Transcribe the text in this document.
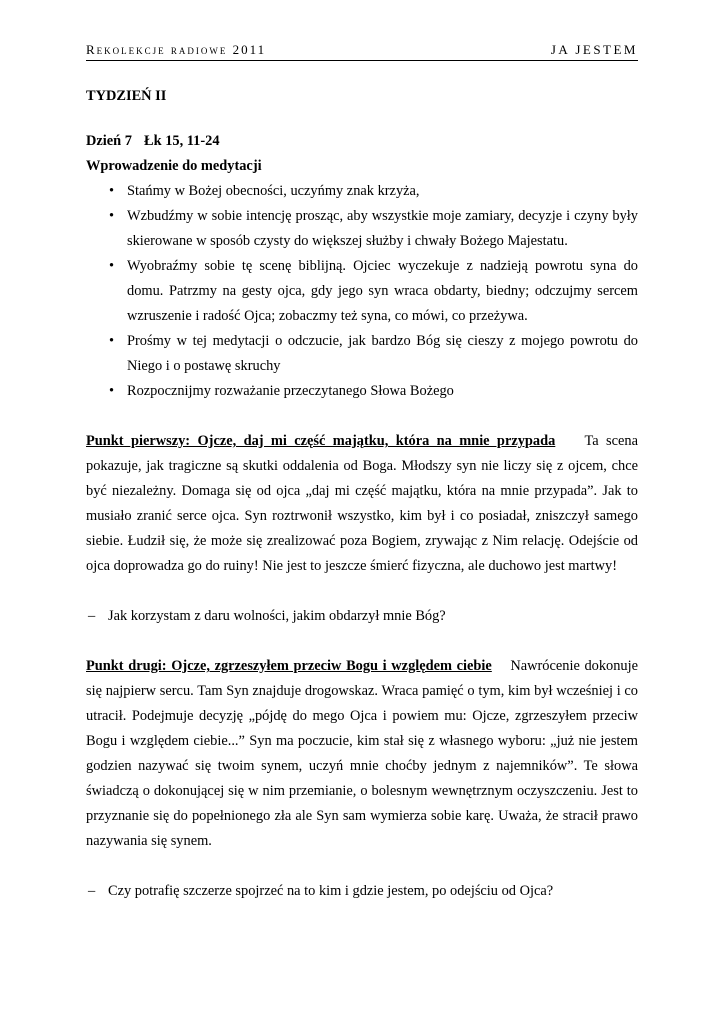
Rekolekcje radiowe 2011	JA JESTEM

TYDZIEŃ II

Dzień 7 Łk 15, 11-24

Wprowadzenie do medytacji

• Stańmy w Bożej obecności, uczyńmy znak krzyża,
• Wzbudźmy w sobie intencję prosząc, aby wszystkie moje zamiary, decyzje i czyny były skierowane w sposób czysty do większej służby i chwały Bożego Majestatu.
• Wyobraźmy sobie tę scenę biblijną. Ojciec wyczekuje z nadzieją powrotu syna do domu. Patrzmy na gesty ojca, gdy jego syn wraca obdarty, biedny; odczujmy sercem wzruszenie i radość Ojca; zobaczmy też syna, co mówi, co przeżywa.
• Prośmy w tej medytacji o odczucie, jak bardzo Bóg się cieszy z mojego powrotu do Niego i o postawę skruchy
• Rozpocznijmy rozważanie przeczytanego Słowa Bożego

Punkt pierwszy: Ojcze, daj mi część majątku, która na mnie przypada Ta scena pokazuje, jak tragiczne są skutki oddalenia od Boga. Młodszy syn nie liczy się z ojcem, chce być niezależny. Domaga się od ojca „daj mi część majątku, która na mnie przypada”. Jak to musiało zranić serce ojca. Syn roztrwonił wszystko, kim był i co posiadał, zniszczył samego siebie. Łudził się, że może się zrealizować poza Bogiem, zrywając z Nim relację. Odejście od ojca doprowadza go do ruiny! Nie jest to jeszcze śmierć fizyczna, ale duchowo jest martwy!

– Jak korzystam z daru wolności, jakim obdarzył mnie Bóg?

Punkt drugi: Ojcze, zgrzeszyłem przeciw Bogu i względem ciebie Nawrócenie dokonuje się najpierw sercu. Tam Syn znajduje drogowskaz. Wraca pamięć o tym, kim był wcześniej i co utracił. Podejmuje decyzję „pójdę do mego Ojca i powiem mu: Ojcze, zgrzeszyłem przeciw Bogu i względem ciebie...” Syn ma poczucie, kim stał się z własnego wyboru: „już nie jestem godzien nazywać się twoim synem, uczyń mnie choćby jednym z najemników”. Te słowa świadczą o dokonującej się w nim przemianie, o bolesnym wewnętrznym oczyszczeniu. Jest to przyznanie się do popełnionego zła ale Syn sam wymierza sobie karę. Uważa, że stracił prawo nazywania się synem.

– Czy potrafię szczerze spojrzeć na to kim i gdzie jestem, po odejściu od Ojca?
